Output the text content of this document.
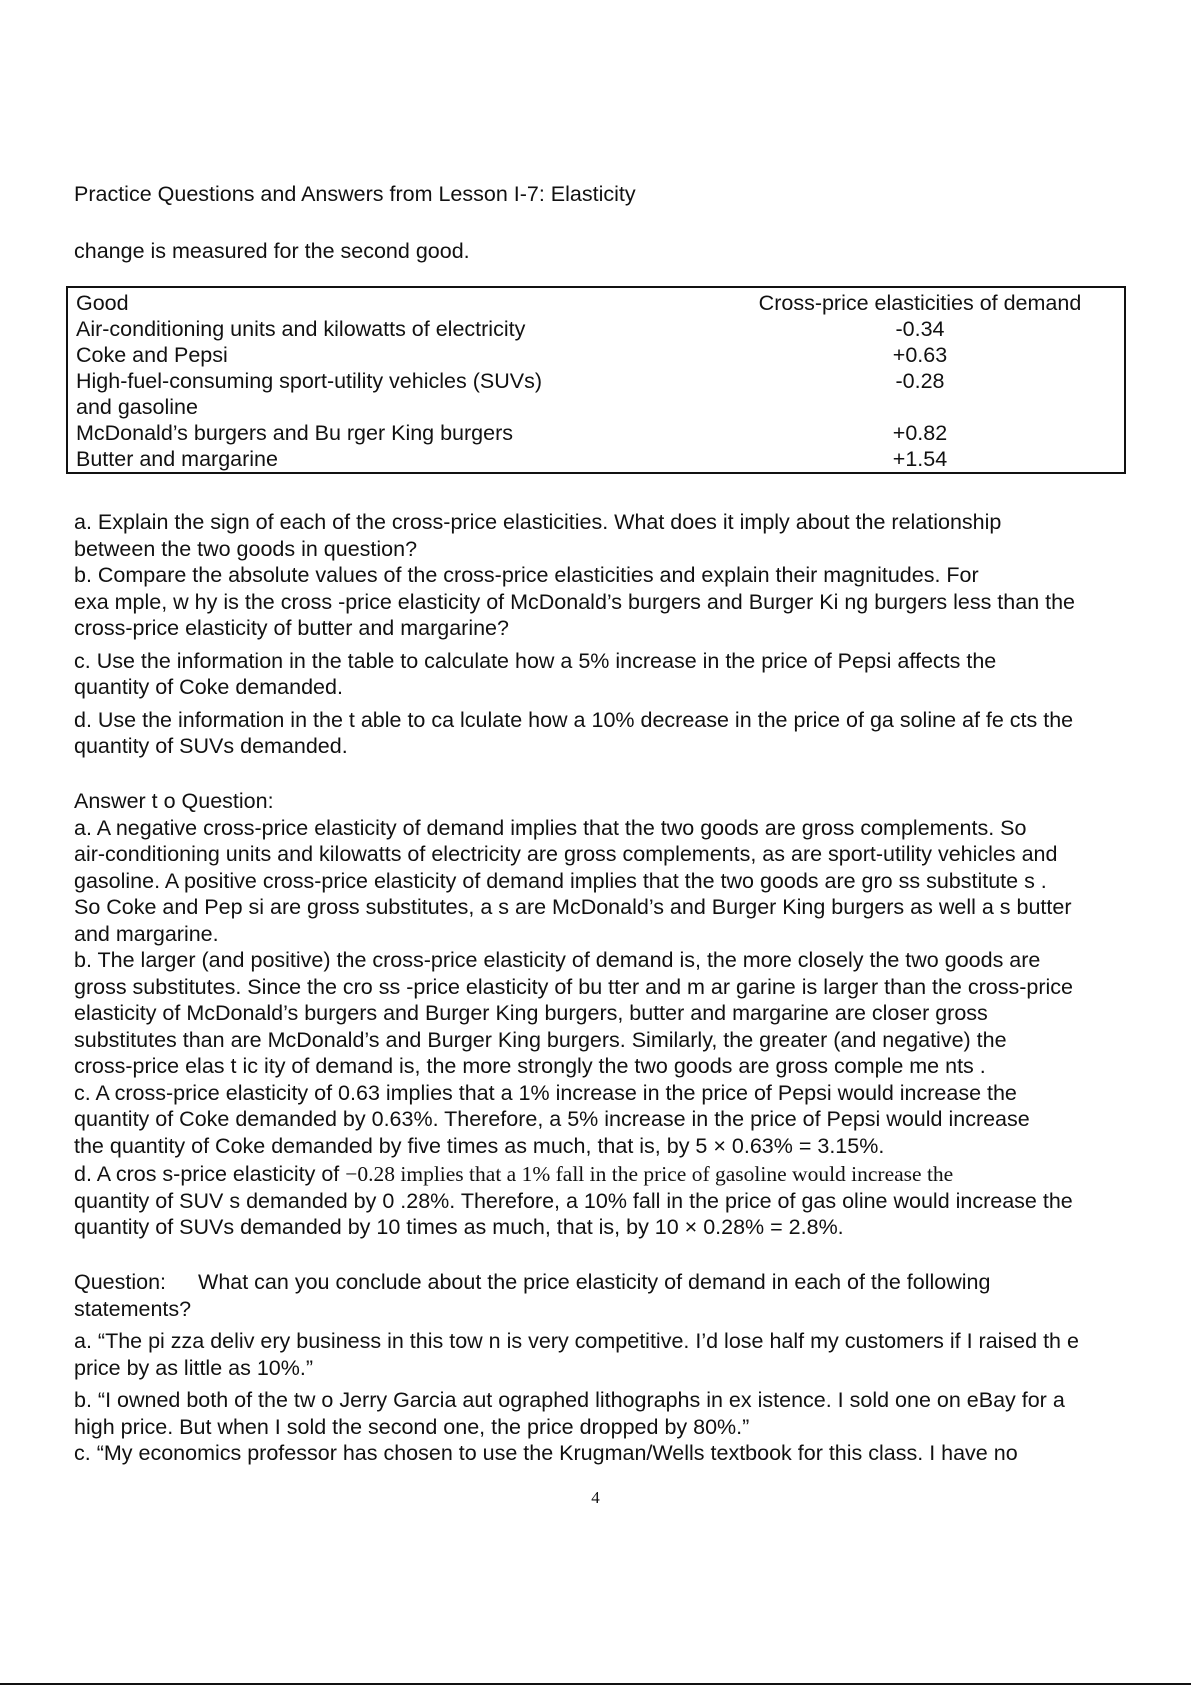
Practice Questions and Answers from Lesson I-7: Elasticity
change is measured for the second good.
Good	Cross-price elasticities of demand
Air-conditioning units and kilowatts of electricity	-0.34
Coke and Pepsi	+0.63
High-fuel-consuming sport-utility vehicles (SUVs)	-0.28
and gasoline
McDonald’s burgers and Bu rger King burgers	+0.82
Butter and margarine	+1.54
a. Explain the sign of each of the cross-price elasticities. What does it imply about the relationship
between the two goods in question?
b. Compare the absolute values of the cross-price elasticities and explain their magnitudes. For
exa mple, w hy is the cross -price elasticity of McDonald’s burgers and Burger Ki ng burgers less than the
cross-price elasticity of butter and margarine?
c. Use the information in the table to calculate how a 5% increase in the price of Pepsi affects the
quantity of Coke demanded.
d. Use the information in the t able to ca lculate how a 10% decrease in the price of ga soline af fe cts the
quantity of SUVs demanded.
Answer t o Question:
a. A negative cross-price elasticity of demand implies that the two goods are gross complements. So
air-conditioning units and kilowatts of electricity are gross complements, as are sport-utility vehicles and
gasoline. A positive cross-price elasticity of demand implies that the two goods are gro ss substitute s .
So Coke and Pep si are gross substitutes, a s are McDonald’s and Burger King burgers as well a s butter
and margarine.
b. The larger (and positive) the cross-price elasticity of demand is, the more closely the two goods are
gross substitutes. Since the cro ss -price elasticity of bu tter and m ar garine is larger than the cross-price
elasticity of McDonald’s burgers and Burger King burgers, butter and margarine are closer gross
substitutes than are McDonald’s and Burger King burgers. Similarly, the greater (and negative) the
cross-price elas t ic ity of demand is, the more strongly the two goods are gross comple me nts .
c. A cross-price elasticity of 0.63 implies that a 1% increase in the price of Pepsi would increase the
quantity of Coke demanded by 0.63%. Therefore, a 5% increase in the price of Pepsi would increase
the quantity of Coke demanded by five times as much, that is, by 5 × 0.63% = 3.15%.
d. A cros s-price elasticity of −0.28 implies that a 1% fall in the price of gasoline would increase the
quantity of SUV s demanded by 0 .28%. Therefore, a 10% fall in the price of gas oline would increase the
quantity of SUVs demanded by 10 times as much, that is, by 10 × 0.28% = 2.8%.
Question: What can you conclude about the price elasticity of demand in each of the following
statements?
a. “The pi zza deliv ery business in this tow n is very competitive. I’d lose half my customers if I raised th e
price by as little as 10%.”
b. “I owned both of the tw o Jerry Garcia aut ographed lithographs in ex istence. I sold one on eBay for a
high price. But when I sold the second one, the price dropped by 80%.”
c. “My economics professor has chosen to use the Krugman/Wells textbook for this class. I have no
4
